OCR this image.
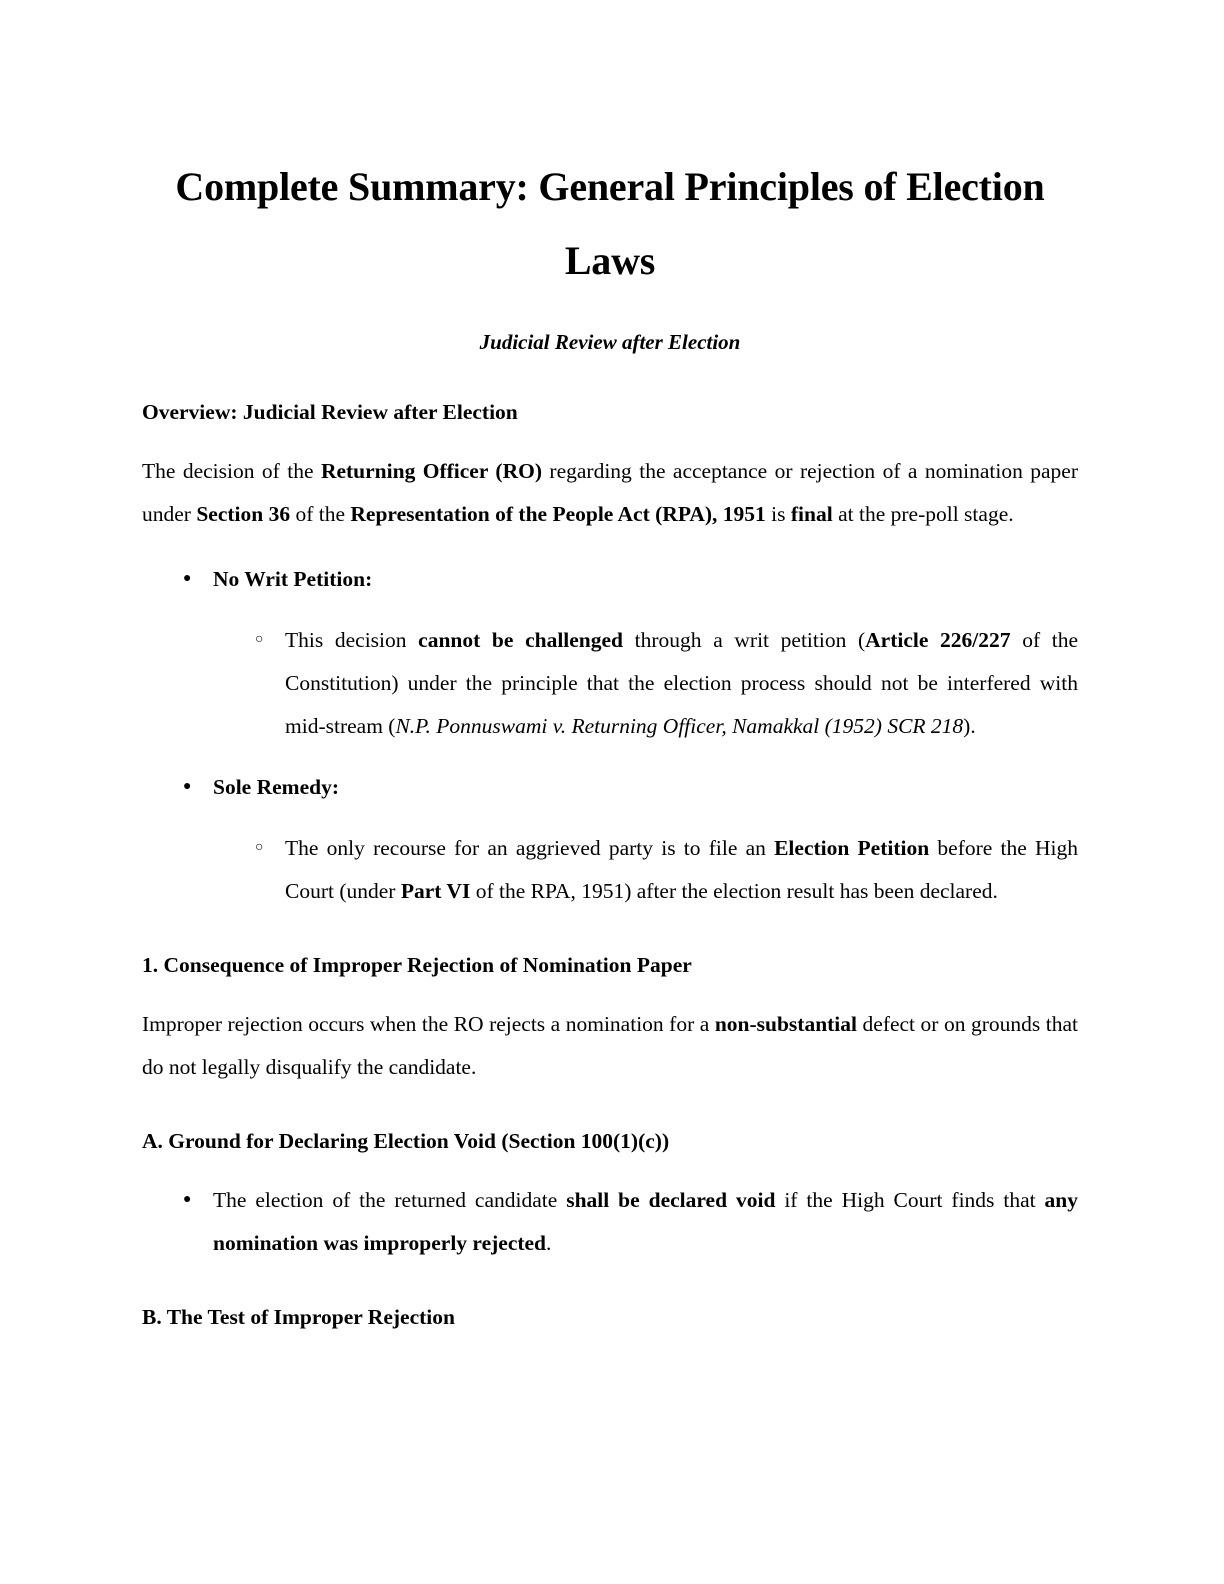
Complete Summary: General Principles of Election Laws
Judicial Review after Election
Overview: Judicial Review after Election

The decision of the Returning Officer (RO) regarding the acceptance or rejection of a nomination paper under Section 36 of the Representation of the People Act (RPA), 1951 is final at the pre-poll stage.

● No Writ Petition:
○ This decision cannot be challenged through a writ petition (Article 226/227 of the Constitution) under the principle that the election process should not be interfered with mid-stream (N.P. Ponnuswami v. Returning Officer, Namakkal (1952) SCR 218).
● Sole Remedy:
○ The only recourse for an aggrieved party is to file an Election Petition before the High Court (under Part VI of the RPA, 1951) after the election result has been declared.
1. Consequence of Improper Rejection of Nomination Paper

Improper rejection occurs when the RO rejects a nomination for a non-substantial defect or on grounds that do not legally disqualify the candidate.

A. Ground for Declaring Election Void (Section 100(1)(c))
● The election of the returned candidate shall be declared void if the High Court finds that any nomination was improperly rejected.
B. The Test of Improper Rejection
